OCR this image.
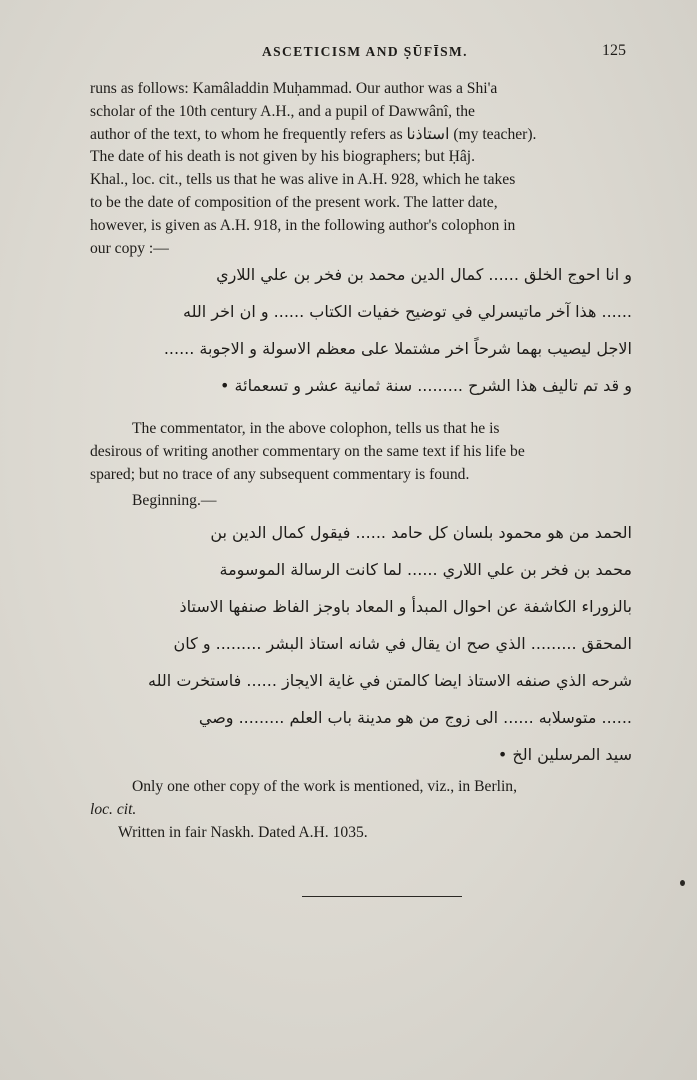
ASCETICISM AND ṢŪFĪSM.	125
runs as follows: Kamâladdin Muḥammad. Our author was a Shi'a
scholar of the 10th century A.H., and a pupil of Dawwânî, the
author of the text, to whom he frequently refers as استاذنا (my teacher).
The date of his death is not given by his biographers; but Ḥâj.
Khal., loc. cit., tells us that he was alive in A.H. 928, which he takes
to be the date of composition of the present work. The latter date,
however, is given as A.H. 918, in the following author's colophon in
our copy :—
و انا احوج الخلق ...... كمال الدين محمد بن فخر بن علي اللاري
...... هذا آخر ماتيسرلي في توضيح خفيات الكتاب ...... و ان اخر الله
الاجل ليصيب بهما شرحاً اخر مشتملا على معظم الاسولة و الاجوبة ......
و قد تم تاليف هذا الشرح ......... سنة ثمانية عشر و تسعمائة •
The commentator, in the above colophon, tells us that he is
desirous of writing another commentary on the same text if his life be
spared; but no trace of any subsequent commentary is found.
Beginning.—
الحمد من هو محمود بلسان كل حامد ...... فيقول كمال الدين بن
محمد بن فخر بن علي اللاري ...... لما كانت الرسالة الموسومة
بالزوراء الكاشفة عن احوال المبدأ و المعاد باوجز الفاظ صنفها الاستاذ
المحقق ......... الذي صح ان يقال في شانه استاذ البشر ......... و كان
شرحه الذي صنفه الاستاذ ايضا كالمتن في غاية الايجاز ...... فاستخرت الله
...... متوسلابه ...... الى زوج من هو مدينة باب العلم ......... وصي
سيد المرسلين الخ •
Only one other copy of the work is mentioned, viz., in Berlin,
loc. cit.
Written in fair Naskh. Dated A.H. 1035.
